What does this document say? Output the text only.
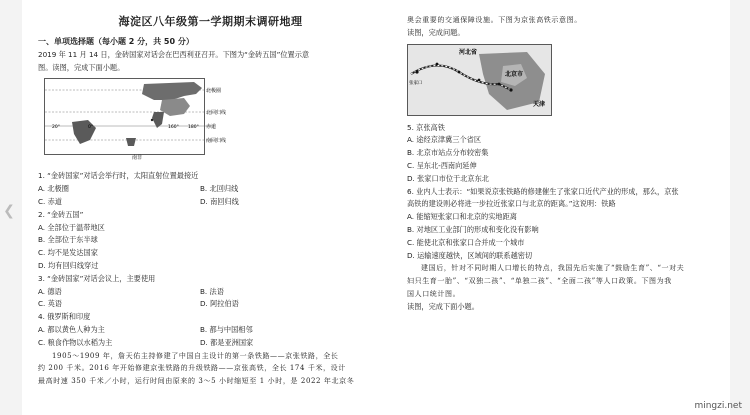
❮
海淀区八年级第一学期期末调研地理
一、单项选择题（每小题 2 分，共 50 分）

2019 年 11 月 14 日，金砖国家对话会在巴西利亚召开。下图为“金砖五国”位置示意

图。读图，完成下面小题。

北极圈
北回归线
赤道
南回归线
20°	0°	160° 180°
南非

1. “金砖国家”对话会举行时，太阳直射位置最接近

A. 北极圈	B. 北回归线
C. 赤道	D. 南回归线

2. “金砖五国”

A. 全部位于温带地区

B. 全部位于东半球

C. 均不是发达国家

D. 均有回归线穿过

3. “金砖国家”对话会议上，主要使用

A. 德语	B. 法语
C. 英语	D. 阿拉伯语

4. 俄罗斯和印度

A. 都以黄色人种为主	B. 都与中国相邻
C. 粮食作物以水稻为主	D. 都是亚洲国家

1905～1909 年，詹天佑主持修建了中国自主设计的第一条铁路——京张铁路，全长

约 200 千米。2016 年开始修建京张铁路的升级铁路——京张高铁，全长 174 千米，设计

最高时速 350 千米／小时，运行时间由原来的 3～5 小时缩短至 1 小时，是 2022 年北京冬

奥会重要的交通保障设施。下图为京张高铁示意图。

读图，完成问题。

河北省
北京市
天津
张家口

5. 京张高铁

A. 途经京津冀三个省区

B. 北京市站点分布较密集

C. 呈东北-西南向延伸

D. 张家口市位于北京东北

6. 业内人士表示：“如果说京张铁路的修建催生了张家口近代产业的形成，那么，京张

高铁的建设则必将进一步拉近张家口与北京的距离。”这说明：铁路

A. 能缩短张家口和北京的实地距离

B. 对地区工业部门的形成和变化没有影响

C. 能使北京和张家口合并成一个城市

D. 运输速度越快，区域间的联系越密切

建国后，针对不同时期人口增长的特点，我国先后实施了“鼓励生育”、“一对夫

妇只生育一胎”、“双独二孩”、“单独二孩”、“全面二孩”等人口政策。下图为我

国人口统计图。

读图，完成下面小题。

mingzi.net
